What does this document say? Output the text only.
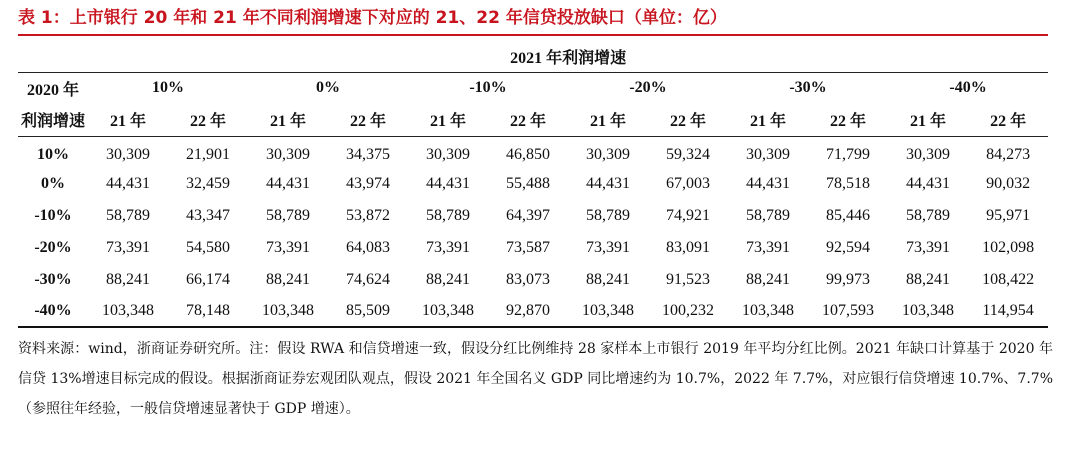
表 1：上市银行 20 年和 21 年不同利润增速下对应的 21、22 年信贷投放缺口（单位：亿）
	2021 年利润增速											
2020 年	10%		0%		-10%		-20%		-30%		-40%	
利润增速	21 年	22 年	21 年	22 年	21 年	22 年	21 年	22 年	21 年	22 年	21 年	22 年
10%	30,309	21,901	30,309	34,375	30,309	46,850	30,309	59,324	30,309	71,799	30,309	84,273
0%	44,431	32,459	44,431	43,974	44,431	55,488	44,431	67,003	44,431	78,518	44,431	90,032
-10%	58,789	43,347	58,789	53,872	58,789	64,397	58,789	74,921	58,789	85,446	58,789	95,971
-20%	73,391	54,580	73,391	64,083	73,391	73,587	73,391	83,091	73,391	92,594	73,391	102,098
-30%	88,241	66,174	88,241	74,624	88,241	83,073	88,241	91,523	88,241	99,973	88,241	108,422
-40%	103,348	78,148	103,348	85,509	103,348	92,870	103,348	100,232	103,348	107,593	103,348	114,954
资料来源：wind，浙商证券研究所。注：假设 RWA 和信贷增速一致，假设分红比例维持 28 家样本上市银行 2019 年平均分红比例。2021 年缺口计算基于 2020 年信贷 13%增速目标完成的假设。根据浙商证券宏观团队观点，假设 2021 年全国名义 GDP 同比增速约为 10.7%，2022 年 7.7%，对应银行信贷增速 10.7%、7.7%（参照往年经验，一般信贷增速显著快于 GDP 增速）。
